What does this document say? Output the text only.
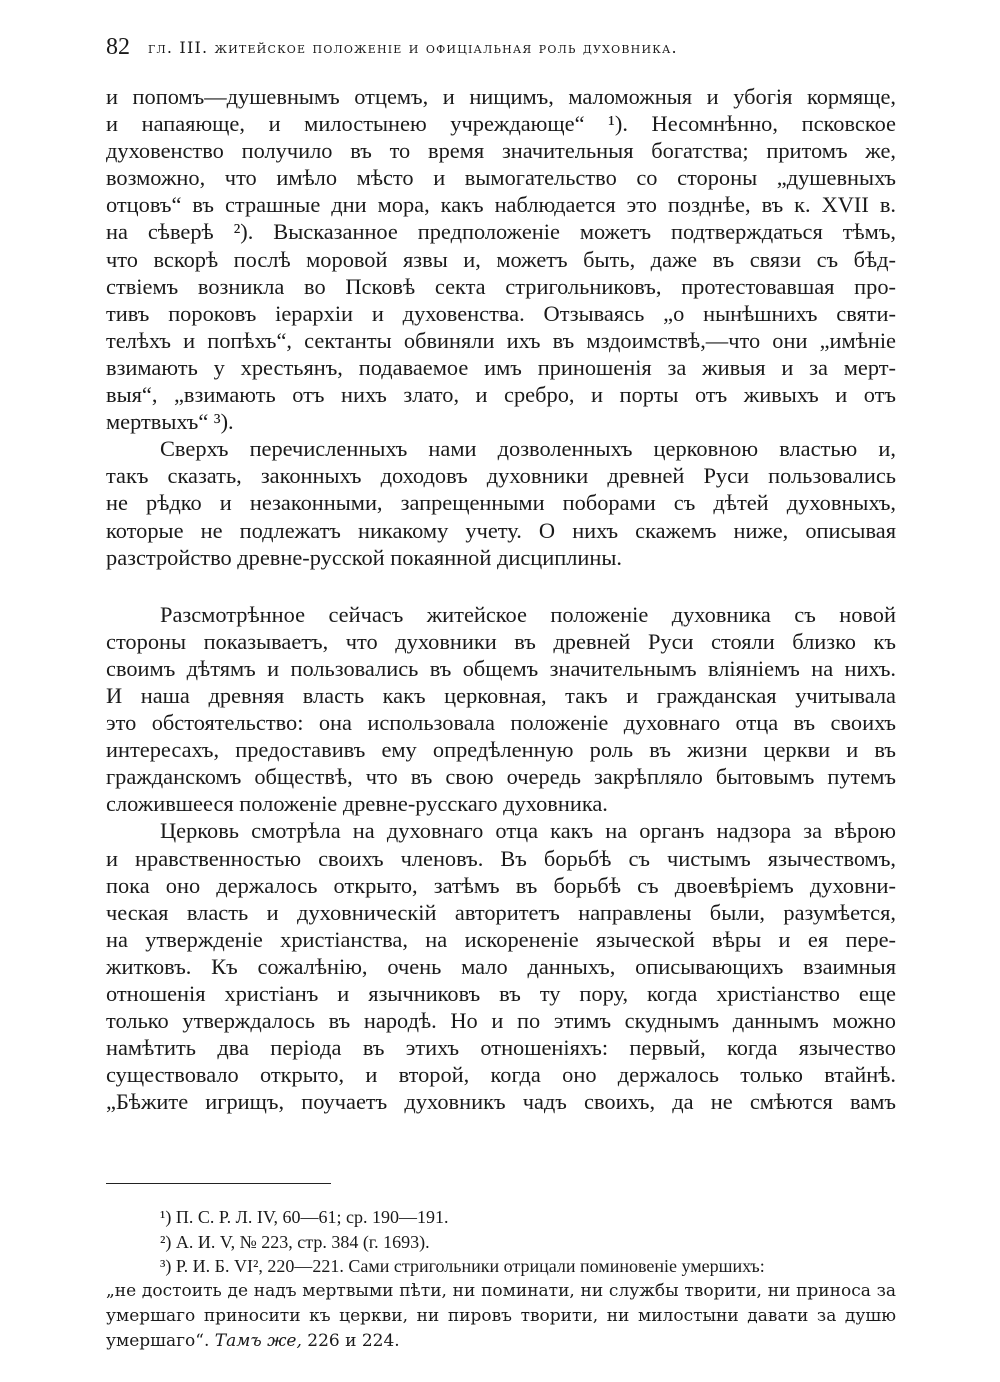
82 гл. III. житейское положеніе и офиціальная роль духовника.
и попомъ—душевнымъ отцемъ, и нищимъ, маломожныя и убогія кормяще,
и напаяюще, и милостынею учреждающе“ ¹). Несомнѣнно, псковское
духовенство получило въ то время значительныя богатства; притомъ же,
возможно, что имѣло мѣсто и вымогательство со стороны „душевныхъ
отцовъ“ въ страшные дни мора, какъ наблюдается это позднѣе, въ к. XVII в.
на сѣверѣ ²). Высказанное предположеніе можетъ подтверждаться тѣмъ,
что вскорѣ послѣ моровой язвы и, можетъ быть, даже въ связи съ бѣд-
ствіемъ возникла во Псковѣ секта стригольниковъ, протестовавшая про-
тивъ пороковъ іерархіи и духовенства. Отзываясь „о нынѣшнихъ святи-
телѣхъ и попѣхъ“, сектанты обвиняли ихъ въ мздоимствѣ,—что они „имѣніе
взимають у хрестьянъ, подаваемое имъ приношенія за живыя и за мерт-
выя“, „взимають отъ нихъ злато, и сребро, и порты отъ живыхъ и отъ
мертвыхъ“ ³).
Сверхъ перечисленныхъ нами дозволенныхъ церковною властью и,
такъ сказать, законныхъ доходовъ духовники древней Руси пользовались
не рѣдко и незаконными, запрещенными поборами съ дѣтей духовныхъ,
которые не подлежатъ никакому учету. О нихъ скажемъ ниже, описывая
разстройство древне-русской покаянной дисциплины.
Разсмотрѣнное сейчасъ житейское положеніе духовника съ новой
стороны показываетъ, что духовники въ древней Руси стояли близко къ
своимъ дѣтямъ и пользовались въ общемъ значительнымъ вліяніемъ на нихъ.
И наша древняя власть какъ церковная, такъ и гражданская учитывала
это обстоятельство: она использовала положеніе духовнаго отца въ своихъ
интересахъ, предоставивъ ему опредѣленную роль въ жизни церкви и въ
гражданскомъ обществѣ, что въ свою очередь закрѣпляло бытовымъ путемъ
сложившееся положеніе древне-русскаго духовника.
Церковь смотрѣла на духовнаго отца какъ на органъ надзора за вѣрою
и нравственностью своихъ членовъ. Въ борьбѣ съ чистымъ язычествомъ,
пока оно держалось открыто, затѣмъ въ борьбѣ съ двоевѣріемъ духовни-
ческая власть и духовническій авторитетъ направлены были, разумѣется,
на утвержденіе христіанства, на искорененіе языческой вѣры и ея пере-
житковъ. Къ сожалѣнію, очень мало данныхъ, описывающихъ взаимныя
отношенія христіанъ и язычниковъ въ ту пору, когда христіанство еще
только утверждалось въ народѣ. Но и по этимъ скуднымъ даннымъ можно
намѣтить два періода въ этихъ отношеніяхъ: первый, когда язычество
существовало открыто, и второй, когда оно держалось только втайнѣ.
„Бѣжите игрищъ, поучаетъ духовникъ чадъ своихъ, да не смѣются вамъ
¹) П. С. Р. Л. IV, 60—61; ср. 190—191.
²) А. И. V, № 223, стр. 384 (г. 1693).
³) Р. И. Б. VI², 220—221. Сами стригольники отрицали поминовеніе умершихъ:
„не достоить де надъ мертвыми пѣти, ни поминати, ни службы творити, ни приноса за
умершаго приносити къ церкви, ни пировъ творити, ни милостыни давати за душю
умершаго“. Тамъ же, 226 и 224.
